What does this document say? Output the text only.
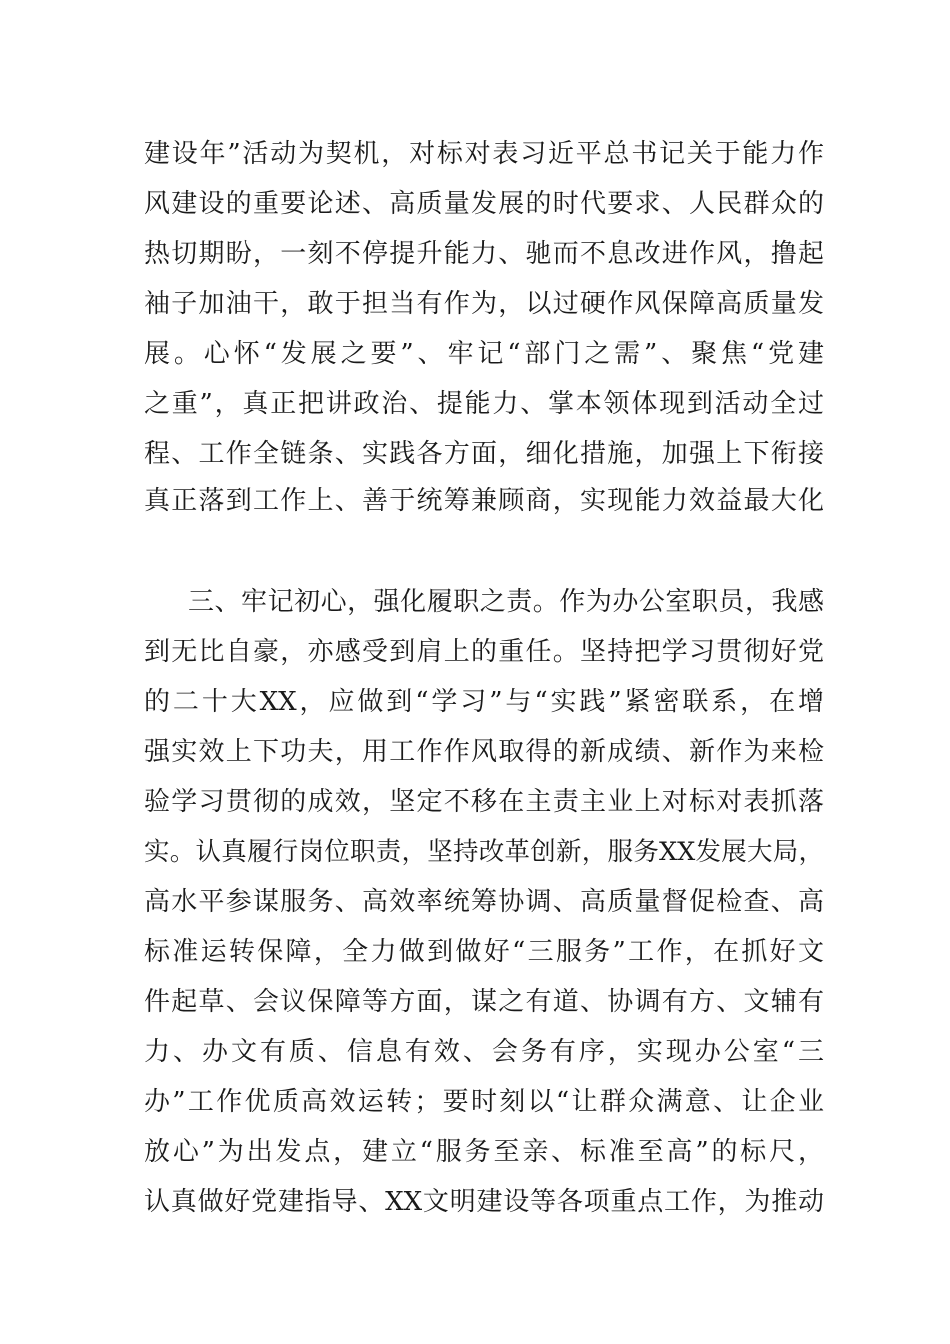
建设年”活动为契机，对标对表习近平总书记关于能力作
风建设的重要论述、高质量发展的时代要求、人民群众的
热切期盼，一刻不停提升能力、驰而不息改进作风，撸起
袖子加油干，敢于担当有作为，以过硬作风保障高质量发
展。心怀“发展之要”、牢记“部门之需”、聚焦“党建
之重”，真正把讲政治、提能力、掌本领体现到活动全过
程、工作全链条、实践各方面，细化措施，加强上下衔接
真正落到工作上、善于统筹兼顾商，实现能力效益最大化
三、牢记初心，强化履职之责。作为办公室职员，我感
到无比自豪，亦感受到肩上的重任。坚持把学习贯彻好党
的二十大XX，应做到“学习”与“实践”紧密联系，在增
强实效上下功夫，用工作作风取得的新成绩、新作为来检
验学习贯彻的成效，坚定不移在主责主业上对标对表抓落
实。认真履行岗位职责，坚持改革创新，服务XX发展大局，
高水平参谋服务、高效率统筹协调、高质量督促检查、高
标准运转保障，全力做到做好“三服务”工作，在抓好文
件起草、会议保障等方面，谋之有道、协调有方、文辅有
力、办文有质、信息有效、会务有序，实现办公室“三
办”工作优质高效运转；要时刻以“让群众满意、让企业
放心”为出发点，建立“服务至亲、标准至高”的标尺，
认真做好党建指导、XX文明建设等各项重点工作，为推动
